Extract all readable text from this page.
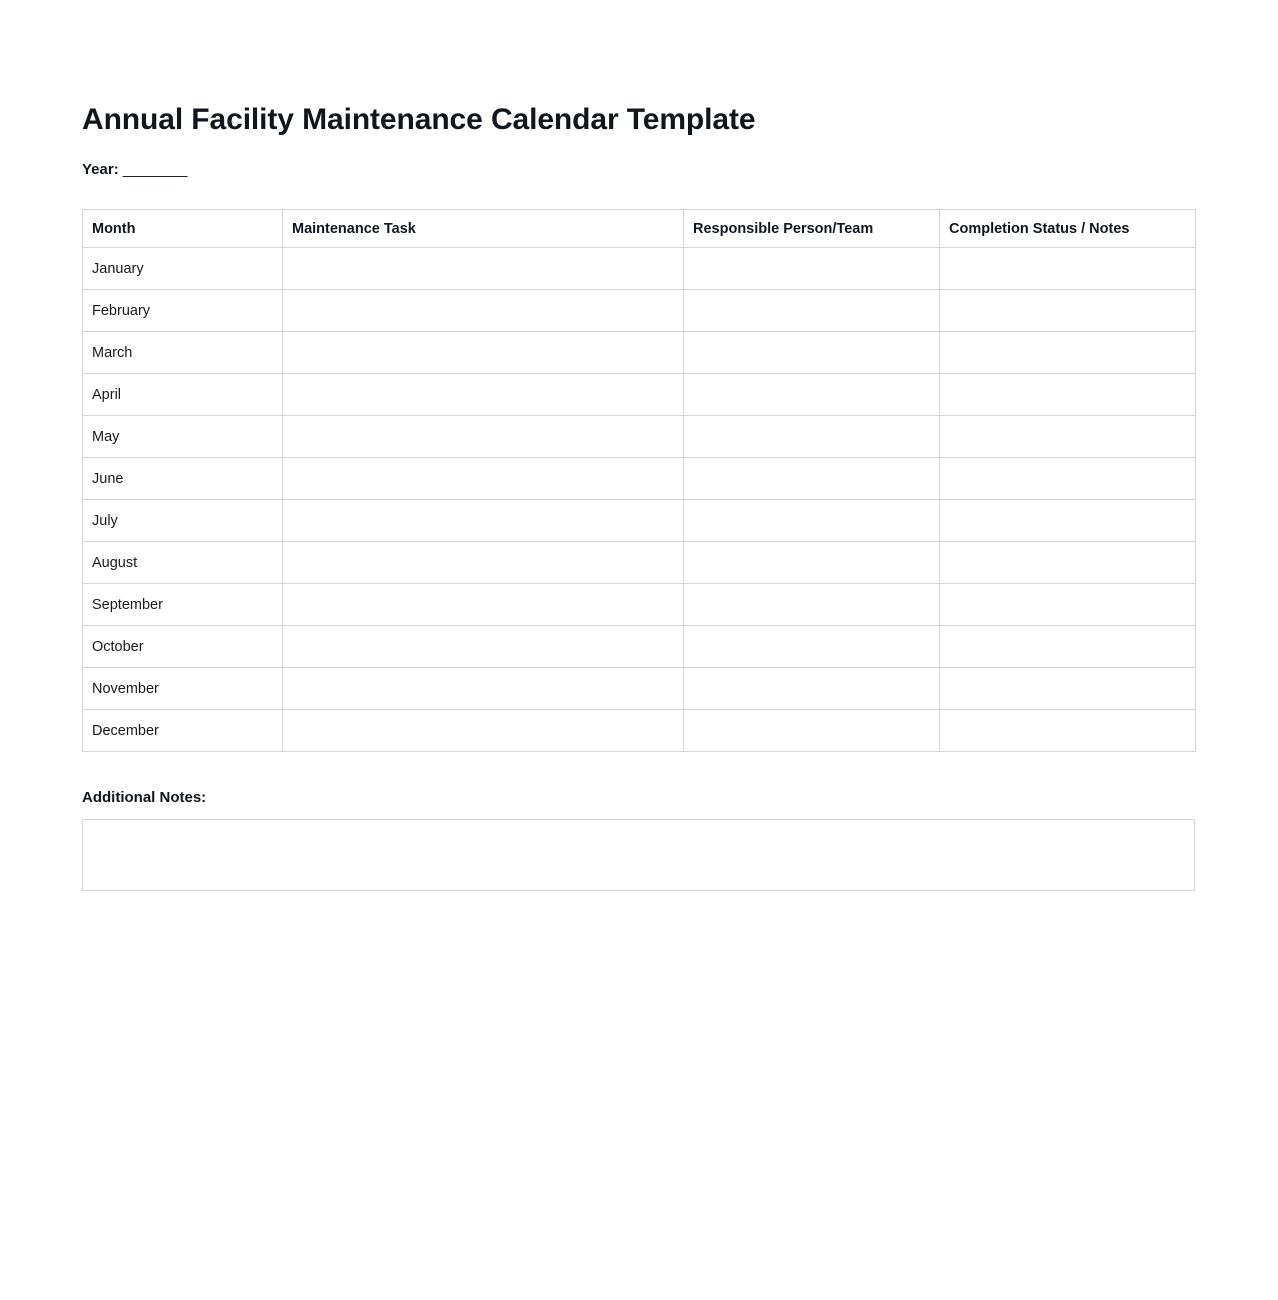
Annual Facility Maintenance Calendar Template
Year: ________
Month	Maintenance Task	Responsible Person/Team	Completion Status / Notes
January			
February			
March			
April			
May			
June			
July			
August			
September			
October			
November			
December			
Additional Notes:
